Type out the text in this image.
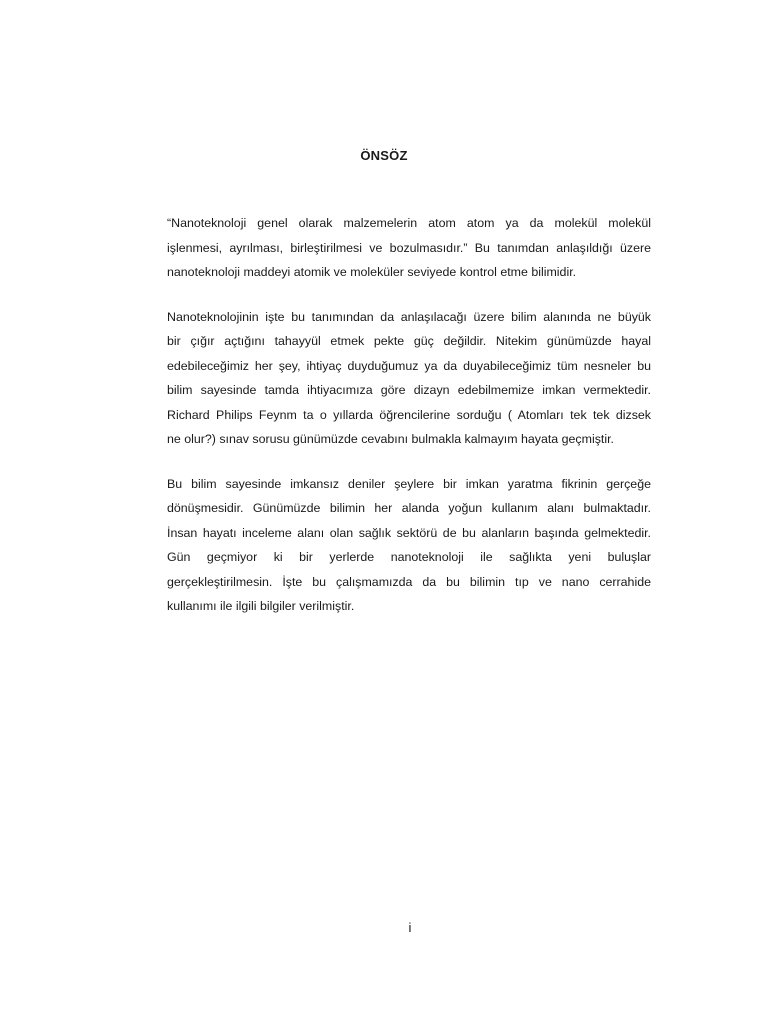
ÖNSÖZ
“Nanoteknoloji genel olarak malzemelerin atom atom ya da molekül molekül
işlenmesi, ayrılması, birleştirilmesi ve bozulmasıdır.” Bu tanımdan anlaşıldığı üzere
nanoteknoloji maddeyi atomik ve moleküler seviyede kontrol etme bilimidir.
Nanoteknolojinin işte bu tanımından da anlaşılacağı üzere bilim alanında ne büyük
bir çığır açtığını tahayyül etmek pekte güç değildir. Nitekim günümüzde hayal
edebileceğimiz her şey, ihtiyaç duyduğumuz ya da duyabileceğimiz tüm nesneler bu
bilim sayesinde tamda ihtiyacımıza göre dizayn edebilmemize imkan vermektedir.
Richard Philips Feynm ta o yıllarda öğrencilerine sorduğu ( Atomları tek tek dizsek
ne olur?) sınav sorusu günümüzde cevabını bulmakla kalmayım hayata geçmiştir.
Bu bilim sayesinde imkansız deniler şeylere bir imkan yaratma fikrinin gerçeğe
dönüşmesidir. Günümüzde bilimin her alanda yoğun kullanım alanı bulmaktadır.
İnsan hayatı inceleme alanı olan sağlık sektörü de bu alanların başında gelmektedir.
Gün geçmiyor ki bir yerlerde nanoteknoloji ile sağlıkta yeni buluşlar
gerçekleştirilmesin. İşte bu çalışmamızda da bu bilimin tıp ve nano cerrahide
kullanımı ile ilgili bilgiler verilmiştir.
i
